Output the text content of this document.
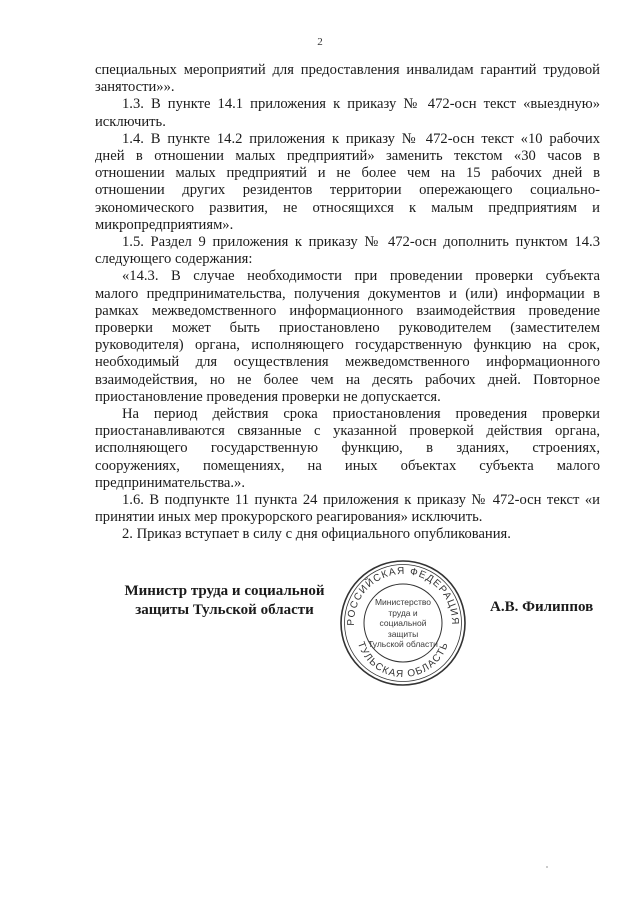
2
специальных мероприятий для предоставления инвалидам гарантий трудовой
занятости»».
1.3. В пункте 14.1 приложения к приказу № 472-осн текст «выездную»
исключить.
1.4. В пункте 14.2 приложения к приказу № 472-осн текст «10 рабочих
дней в отношении малых предприятий» заменить текстом «30 часов в
отношении малых предприятий и не более чем на 15 рабочих дней в
отношении других резидентов территории опережающего социально-
экономического развития, не относящихся к малым предприятиям и
микропредприятиям».
1.5. Раздел 9 приложения к приказу № 472-осн дополнить пунктом 14.3
следующего содержания:
«14.3. В случае необходимости при проведении проверки субъекта
малого предпринимательства, получения документов и (или) информации в
рамках межведомственного информационного взаимодействия проведение
проверки может быть приостановлено руководителем (заместителем
руководителя) органа, исполняющего государственную функцию на срок,
необходимый для осуществления межведомственного информационного
взаимодействия, но не более чем на десять рабочих дней. Повторное
приостановление проведения проверки не допускается.
На период действия срока приостановления проведения проверки
приостанавливаются связанные с указанной проверкой действия органа,
исполняющего государственную функцию, в зданиях, строениях,
сооружениях, помещениях, на иных объектах субъекта малого
предпринимательства.».
1.6. В подпункте 11 пункта 24 приложения к приказу № 472-осн текст «и
принятии иных мер прокурорского реагирования» исключить.
2. Приказ вступает в силу с дня официального опубликования.
Министр труда и социальной
защиты Тульской области
РОССИЙСКАЯ ФЕДЕРАЦИЯ
ТУЛЬСКАЯ ОБЛАСТЬ
Министерство
труда и
социальной защиты
Тульской области
А.В. Филиппов
